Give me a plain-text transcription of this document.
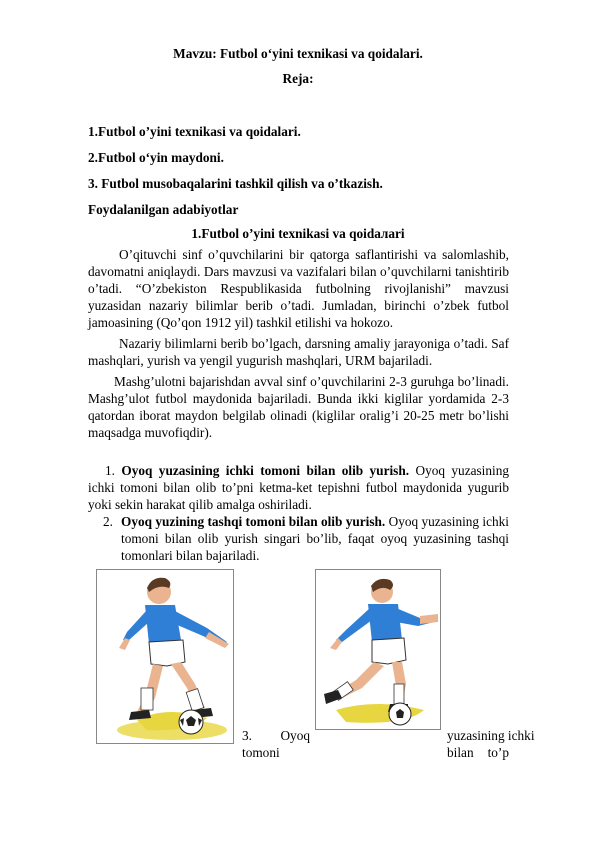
Mavzu: Futbol o‘yini texnikasi va qoidalari.
Reja:
1.Futbol o’yini texnikasi va qoidalari.
2.Futbol o‘yin maydoni.
3. Futbol musobaqalarini tashkil qilish va o’tkazish.
Foydalanilgan adabiyotlar
1.Futbol o’yini texnikasi va qoidaлari
O’qituvchi sinf o’quvchilarini bir qatorga saflantirishi va salomlashib, davomatni aniqlaydi. Dars mavzusi va vazifalari bilan o’quvchilarni tanishtirib o’tadi. “O’zbekiston Respublikasida futbolning rivojlanishi” mavzusi yuzasidan nazariy bilimlar berib o’tadi. Jumladan, birinchi o’zbek futbol jamoasining (Qo’qon 1912 yil) tashkil etilishi va hokozo.
Nazariy bilimlarni berib bo’lgach, darsning amaliy jarayoniga o’tadi. Saf mashqlari, yurish va yengil yugurish mashqlari, URM bajariladi.
Mashg’ulotni bajarishdan avval sinf o’quvchilarini 2-3 guruhga bo’linadi. Mashg’ulot futbol maydonida bajariladi. Bunda ikki kiglilar yordamida 2-3 qatordan iborat maydon belgilab olinadi (kiglilar oralig’i 20-25 metr bo’lishi maqsadga muvofiqdir).
1. Oyoq yuzasining ichki tomoni bilan olib yurish. Oyoq yuzasining ichki tomoni bilan olib to’pni ketma-ket tepishni futbol maydonida yugurib yoki sekin harakat qilib amalga oshiriladi.
2. Oyoq yuzining tashqi tomoni bilan olib yurish. Oyoq yuzasining ichki tomoni bilan olib yurish singari bo’lib, faqat oyoq yuzasining tashqi tomonlari bilan bajariladi.
3. Oyoq
tomoni
yuzasining ichki
bilan	to’p
